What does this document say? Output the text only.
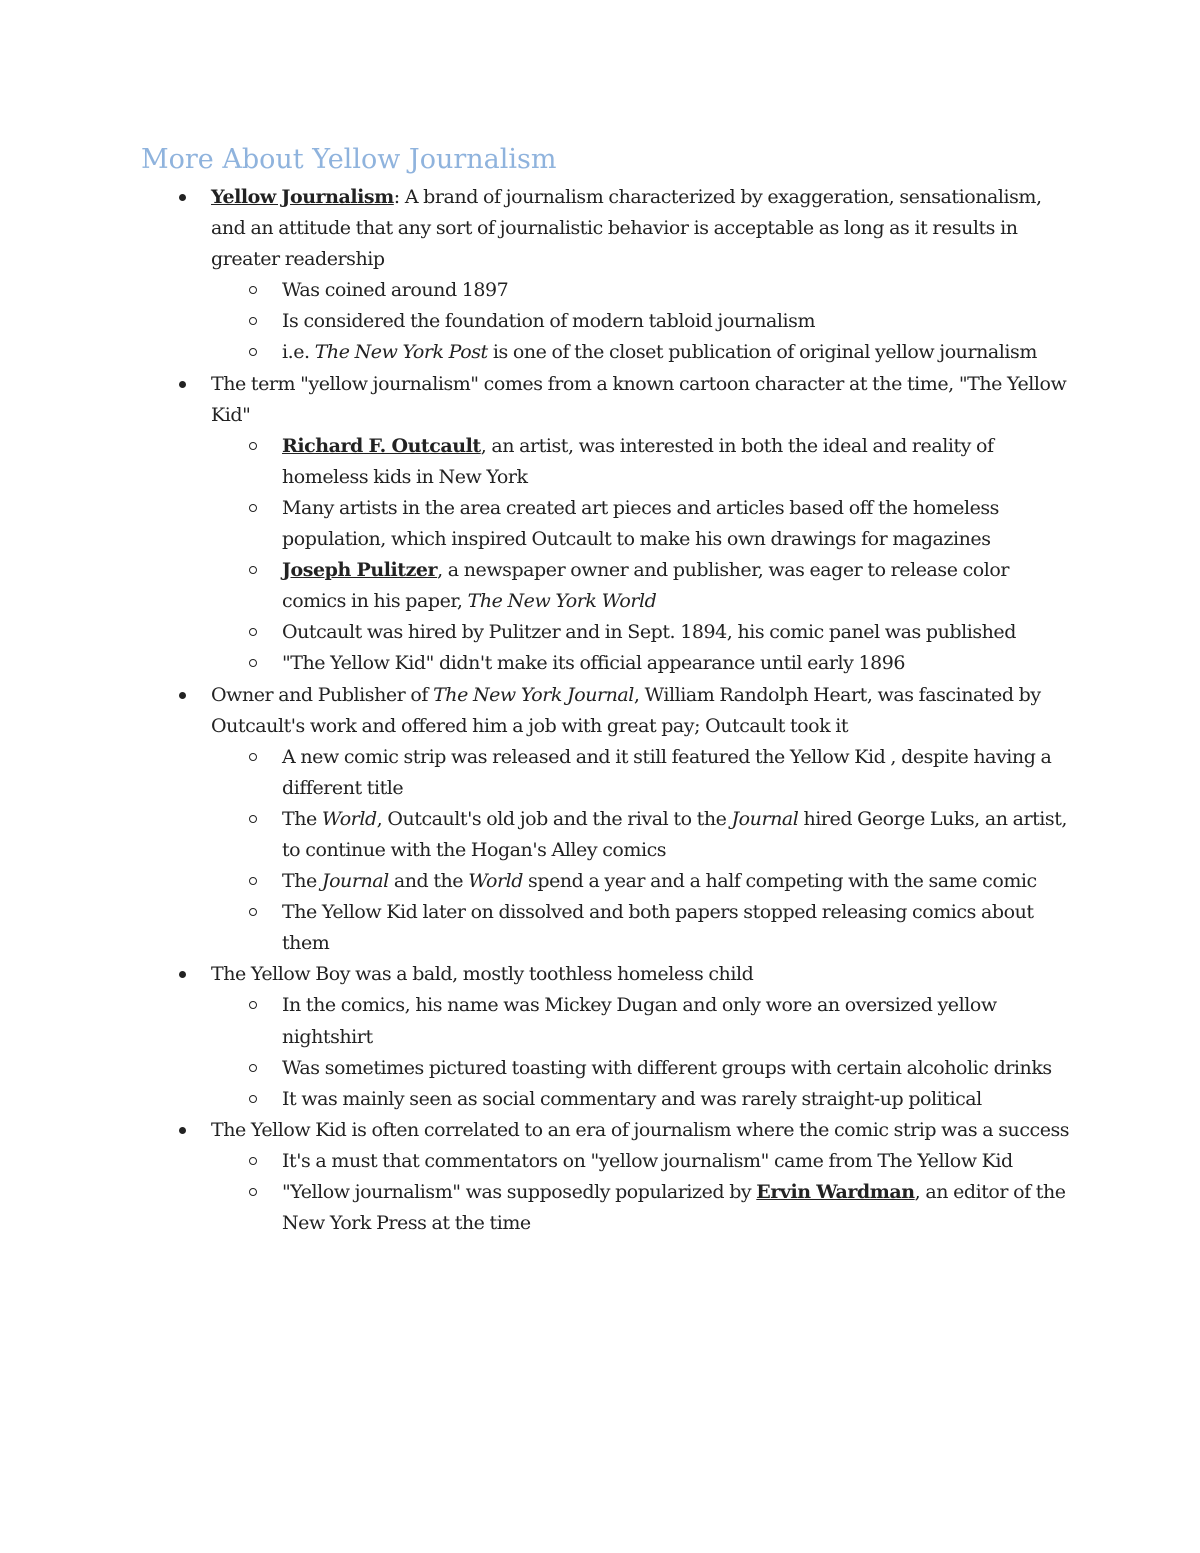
More About Yellow Journalism
Yellow Journalism: A brand of journalism characterized by exaggeration, sensationalism, and an attitude that any sort of journalistic behavior is acceptable as long as it results in greater readership
Was coined around 1897
Is considered the foundation of modern tabloid journalism
i.e. The New York Post is one of the closet publication of original yellow journalism
The term "yellow journalism" comes from a known cartoon character at the time, "The Yellow Kid"
Richard F. Outcault, an artist, was interested in both the ideal and reality of homeless kids in New York
Many artists in the area created art pieces and articles based off the homeless population, which inspired Outcault to make his own drawings for magazines
Joseph Pulitzer, a newspaper owner and publisher, was eager to release color comics in his paper, The New York World
Outcault was hired by Pulitzer and in Sept. 1894, his comic panel was published
"The Yellow Kid" didn't make its official appearance until early 1896
Owner and Publisher of The New York Journal, William Randolph Heart, was fascinated by Outcault's work and offered him a job with great pay; Outcault took it
A new comic strip was released and it still featured the Yellow Kid , despite having a different title
The World, Outcault's old job and the rival to the Journal hired George Luks, an artist, to continue with the Hogan's Alley comics
The Journal and the World spend a year and a half competing with the same comic
The Yellow Kid later on dissolved and both papers stopped releasing comics about them
The Yellow Boy was a bald, mostly toothless homeless child
In the comics, his name was Mickey Dugan and only wore an oversized yellow nightshirt
Was sometimes pictured toasting with different groups with certain alcoholic drinks
It was mainly seen as social commentary and was rarely straight-up political
The Yellow Kid is often correlated to an era of journalism where the comic strip was a success
It's a must that commentators on "yellow journalism" came from The Yellow Kid
"Yellow journalism" was supposedly popularized by Ervin Wardman, an editor of the New York Press at the time
